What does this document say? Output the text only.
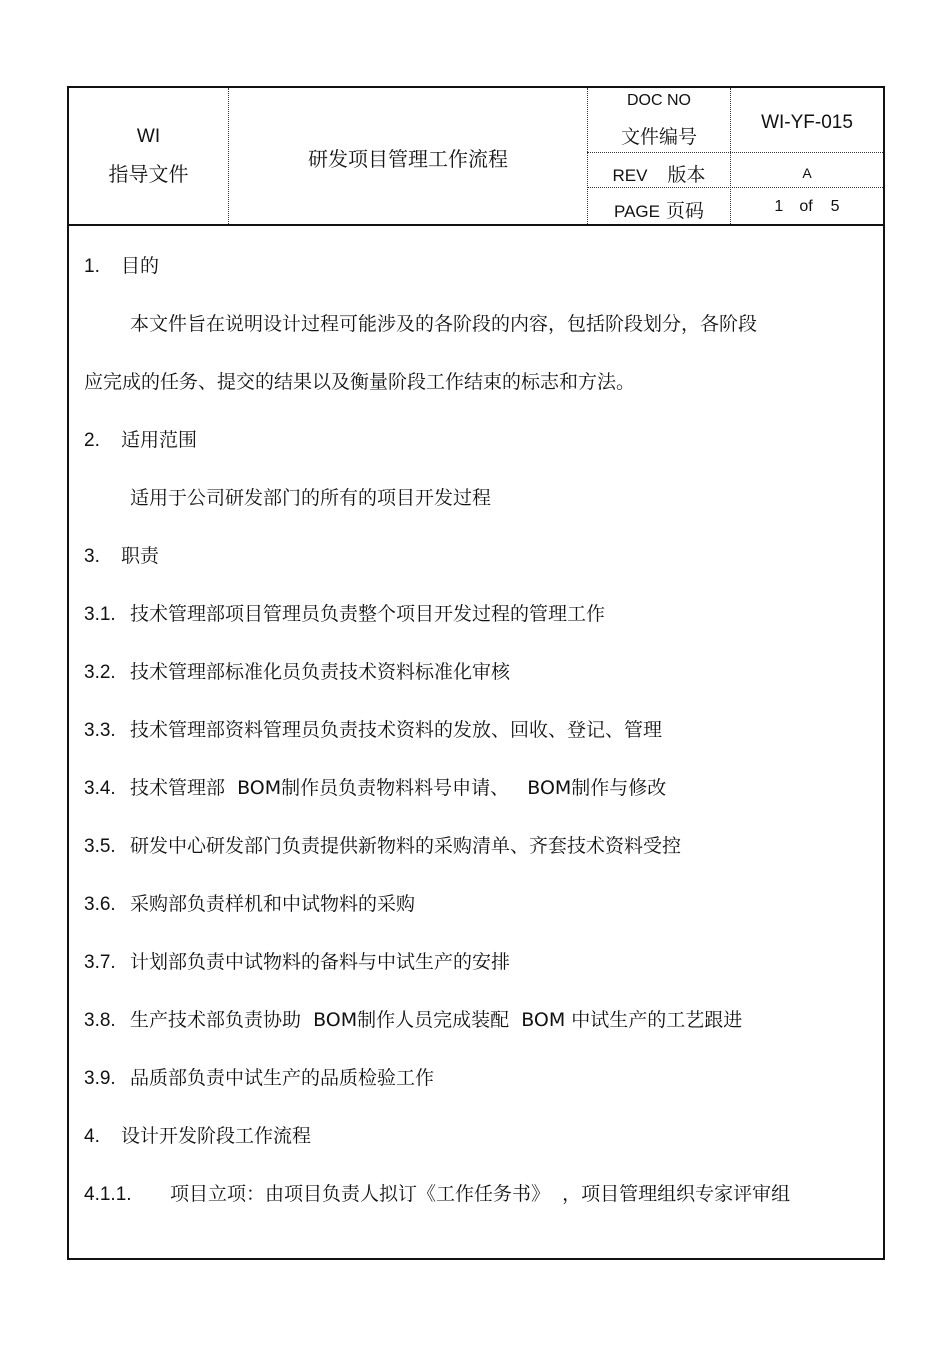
WI
指导文件
研发项目管理工作流程
DOC NO
文件编号
WI-YF-015
REV 版本	A
PAGE 页码	1 of 5
1. 目的
本文件旨在说明设计过程可能涉及的各阶段的内容，包括阶段划分，各阶段
应完成的任务、提交的结果以及衡量阶段工作结束的标志和方法。
2. 适用范围
适用于公司研发部门的所有的项目开发过程
3. 职责
3.1. 技术管理部项目管理员负责整个项目开发过程的管理工作
3.2. 技术管理部标准化员负责技术资料标准化审核
3.3. 技术管理部资料管理员负责技术资料的发放、回收、登记、管理
3.4. 技术管理部  BOM制作员负责物料料号申请、   BOM制作与修改
3.5. 研发中心研发部门负责提供新物料的采购清单、齐套技术资料受控
3.6. 采购部负责样机和中试物料的采购
3.7. 计划部负责中试物料的备料与中试生产的安排
3.8. 生产技术部负责协助  BOM制作人员完成装配  BOM 中试生产的工艺跟进
3.9. 品质部负责中试生产的品质检验工作
4. 设计开发阶段工作流程
4.1.1. 项目立项：由项目负责人拟订《工作任务书》  ，项目管理组织专家评审组
